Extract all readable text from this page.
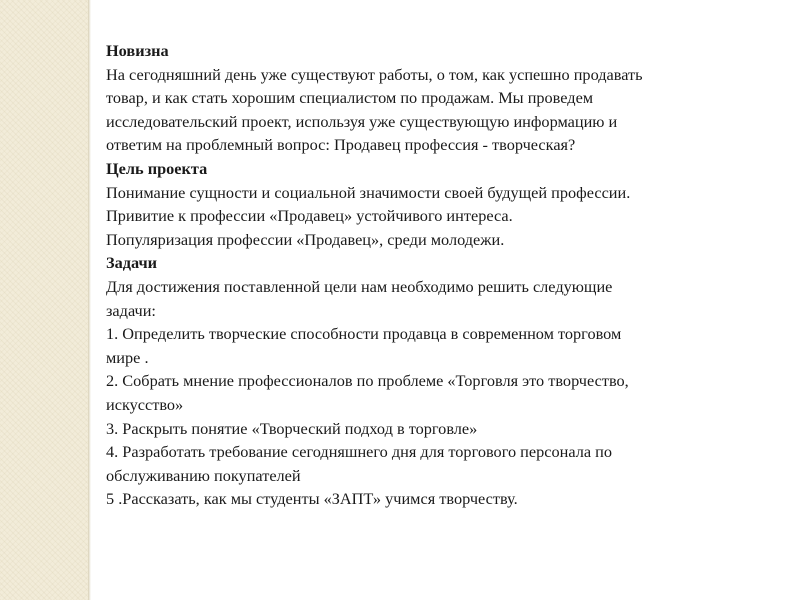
Новизна
На сегодняшний день уже существуют работы, о том, как успешно продавать
товар, и как стать хорошим специалистом по продажам. Мы проведем
исследовательский проект, используя уже существующую информацию и
ответим на проблемный вопрос: Продавец профессия - творческая?
Цель проекта
Понимание сущности и социальной значимости своей будущей профессии.
Привитие к профессии «Продавец» устойчивого интереса.
Популяризация профессии «Продавец», среди молодежи.
Задачи
Для достижения поставленной цели нам необходимо решить следующие
задачи:
1. Определить творческие способности продавца в современном торговом
мире .
2. Собрать мнение профессионалов по проблеме «Торговля это творчество,
искусство»
3. Раскрыть понятие «Творческий подход в торговле»
4. Разработать требование сегодняшнего дня для торгового персонала по
обслуживанию покупателей
5 .Рассказать, как мы студенты «ЗАПТ» учимся творчеству.
